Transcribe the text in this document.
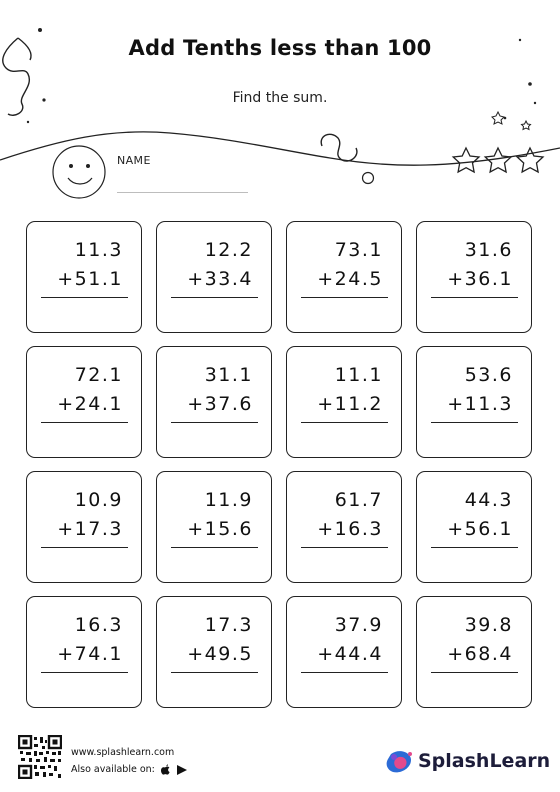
Add Tenths less than 100
Find the sum.
NAME
11.3
+51.1
12.2
+33.4
73.1
+24.5
31.6
+36.1
72.1
+24.1
31.1
+37.6
11.1
+11.2
53.6
+11.3
10.9
+17.3
11.9
+15.6
61.7
+16.3
44.3
+56.1
16.3
+74.1
17.3
+49.5
37.9
+44.4
39.8
+68.4
www.splashlearn.com
Also available on:	SplashLearn
